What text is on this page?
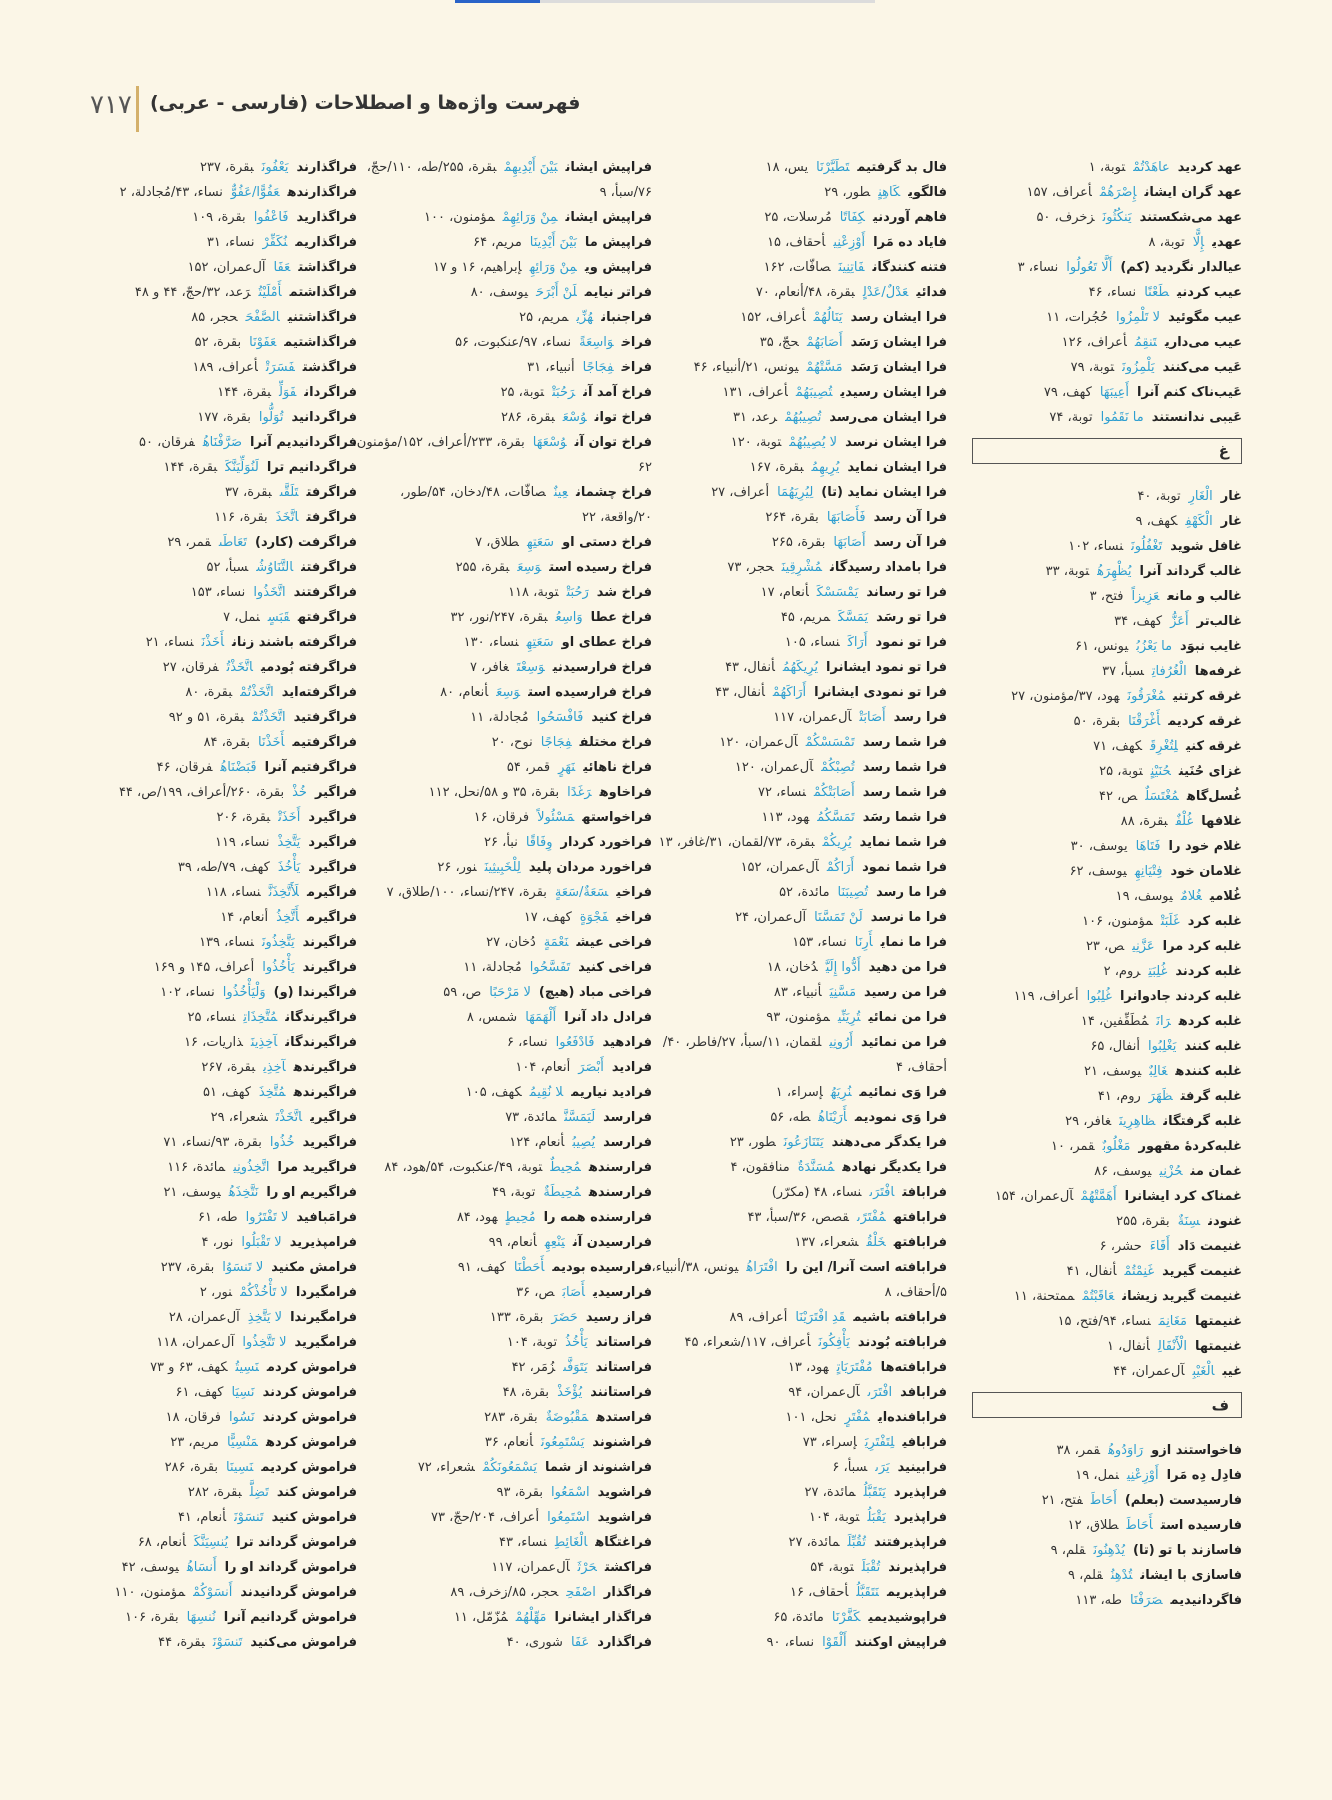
۷۱۷ فهرست واژه‌ها و اصطلاحات (فارسی - عربی)
عهد کردیدعاهَدْتُمْتوبة، ۱
عهد گران ایشانإِصْرَهُمْأعراف، ۱۵۷
عهد می‌شکستنديَنكُثُونَزخرف، ۵۰
عهدیإِلًّاتوبة، ۸
عیالدار نگردید (کم)أَلَّا تَعُولُوانساء، ۳
عیب کردنیطَعْنًانساء، ۴۶
عیب مگوئیدلا تَلْمِزُواحُجُرات، ۱۱
عیب می‌داریتَنقِمُأعراف، ۱۲۶
عَیب می‌کننديَلْمِزُونَتوبة، ۷۹
عَیب‌ناک کنم آنراأَعِيبَهَاکهف، ۷۹
عَیبی ندانستندما نَقَمُواتوبة، ۷۴
غ
غارالْغَارِتوبة، ۴۰
غارالْكَهْفِکهف، ۹
غافل شویدتَغْفُلُونَنساء، ۱۰۲
غالب گرداند آنرايُظْهِرَهُتوبة، ۳۳
غالب و مانععَزِيزاًفتح، ۳
غالب‌ترأَعَزُّکهف، ۳۴
غایب نبوَدما يَعْزُبُیونس، ۶۱
غرفه‌هاالْغُرُفاتِسبأ، ۳۷
غرقه کرتنیمُغْرَقُونَهود، ۳۷/مؤمنون، ۲۷
غرقه کردیمأَغْرَقْنَابقرة، ۵۰
غرقه کنیلِتُغْرِقَکهف، ۷۱
غزای حُنَینحُنَيْنٍتوبة، ۲۵
غُسل‌گاهمُغْتَسَلٌص، ۴۲
غلافهاغُلْفٌبقرة، ۸۸
غلام خود رافَتَاهَایوسف، ۳۰
غلامان خودفِتْيَانِهِیوسف، ۶۲
غُلامیغُلامٌیوسف، ۱۹
غلبه کردغَلَبَتْمؤمنون، ۱۰۶
غلبه کرد مراعَزَّنِيص، ۲۳
غلبه کردندغُلِبَتِروم، ۲
غلبه کردند جادوانراغُلِبُواأعراف، ۱۱۹
غلبه کردهرَانَمُطَفِّفين، ۱۴
غلبه کننديَغْلِبُواأنفال، ۶۵
غلبه کنندهغَالِبٌیوسف، ۲۱
غلبه گرفتظَهَرَروم، ۴۱
غلبه گرفتگانظاهِرِينَغافر، ۲۹
غلبه‌کردهٔ مقهورمَغْلُوبٌقمر، ۱۰
غمان منحُزْنِيیوسف، ۸۶
غمناک کرد ایشانراأَهَمَّتْهُمْآل‌عمران، ۱۵۴
غنودنسِنَةٌبقرة، ۲۵۵
غنیمت دَادأَفَاءَحشر، ۶
غنیمت گیریدغَنِمْتُمْأنفال، ۴۱
غنیمت گیرید زیشانعَاقَبْتُمْممتحنة، ۱۱
غنیمتهامَغَانِمَنساء، ۹۴/فتح، ۱۵
غنیمتهاالْأَنْفَالِأنفال، ۱
غیبالْغَيْبِآل‌عمران، ۴۴
ف
فاخواستند ازورَاوَدُوهُقمر، ۳۸
فادِل دِه مَراأَوْزِعْنِينمل، ۱۹
فارسیدست (بعلم)أَحَاطَفتح، ۲۱
فارسیده استأَحَاطَطلاق، ۱۲
فاسازند با تو (تا)يُدْهِنُونَقلم، ۹
فاسازی با ایشانتُدْهِنُقلم، ۹
فاگردانیدیمصَرَفْنَاطه، ۱۱۳
فال بد گرفتیمتَطَيَّرْنَایس، ۱۸
فالگویكَاهِنٍطور، ۲۹
فاهم آوردنیكِفَاتًامُرسلات، ۲۵
فایاد ده مَراأَوْزِعْنِيأحقاف، ۱۵
فتنه کنندگانفَاتِنِينَصافّات، ۱۶۲
فدائیعَدْلٌ/عَدْلٍبقرة، ۴۸/أنعام، ۷۰
فرا ایشان رسديَنَالُهُمْأعراف، ۱۵۲
فرا ایشان رَسَدأَصَابَهُمْحجّ، ۳۵
فرا ایشان رَسَدمَسَّتْهُمْیونس، ۲۱/أنبیاء، ۴۶
فرا ایشان رسیدیتُصِيبَهُمْأعراف، ۱۳۱
فرا ایشان می‌رسدتُصِيبُهُمْرعد، ۳۱
فرا ایشان نرسدلا يُصِيبُهُمْتوبة، ۱۲۰
فرا ایشان نمایديُرِيهِمُبقرة، ۱۶۷
فرا ایشان نماید (تا)لِيُرِيَهُمَاأعراف، ۲۷
فرا آن رسدفَأَصَابَهَابقرة، ۲۶۴
فرا آن رسدأَصَابَهَابقرة، ۲۶۵
فرا بامداد رسیدگانمُشْرِقِينَحجر، ۷۳
فرا تو رسانديَمْسَسْكَأنعام، ۱۷
فرا تو رسَديَمَسَّكَمریم، ۴۵
فرا تو نمودأَرَاكَنساء، ۱۰۵
فرا تو نمود ایشانرايُرِيكَهُمُأنفال، ۴۳
فرا تو نمودی ایشانراأَرَاكَهُمْأنفال، ۴۳
فرا رسدأَصَابَتْآل‌عمران، ۱۱۷
فرا شما رسدتَمْسَسْكُمْآل‌عمران، ۱۲۰
فرا شما رسدتُصِبْكُمْآل‌عمران، ۱۲۰
فرا شما رسدأَصَابَتْكُمْنساء، ۷۲
فرا شما رسَدتَمَسَّكُمُهود، ۱۱۳
فرا شما نمایديُرِيكُمْبقرة، ۷۳/لقمان، ۳۱/غافر، ۱۳
فرا شما نمودأَرَاكُمْآل‌عمران، ۱۵۲
فرا ما رسدتُصِيبَنَامائدة، ۵۲
فرا ما نرسدلَنْ تَمَسَّنَاآل‌عمران، ۲۴
فرا ما نمایأَرِنَانساء، ۱۵۳
فرا من دهیدأَدُّوا إِلَيَّدُخان، ۱۸
فرا من رسیدمَسَّنِيَأنبیاء، ۸۳
فرا من نمائیتُرِيَنِّيمؤمنون، ۹۳
فرا من نمائیدأَرُونِيلقمان، ۱۱/سبأ، ۲۷/فاطر، ۴۰/
أحقاف، ۴
فرا وَی نمائیمنُرِيَهُإسراء، ۱
فرا وَی نمودیمأَرَيْنَاهُطه، ۵۶
فرا یکدگر می‌دهنديَتَنَازَعُونَطور، ۲۳
فرا یکدیگر نهادهمُسَنَّدَةٌمنافقون، ۴
فرابافتافْتَرَىنساء، ۴۸ (مکرّر)
فرابافتهمُفْتَرًىقصص، ۳۶/سبأ، ۴۳
فرابافتهخَلْقُشعراء، ۱۳۷
فرابافته است آنرا/ این راافْتَرَاهُیونس، ۳۸/أنبیاء،
۵/أحقاف، ۸
فرابافته باشیمقَدِ افْتَرَيْنَاأعراف، ۸۹
فرابافته بُودنديَأْفِكُونَأعراف، ۱۱۷/شعراء، ۴۵
فرابافته‌هامُفْتَرَيَاتٍهود، ۱۳
فرابافدافْتَرَىآل‌عمران، ۹۴
فرابافنده‌ایمُفْتَرٍنحل، ۱۰۱
فرابافیلِتَفْتَرِيَإسراء، ۷۳
فرابینیديَرَىسبأ، ۶
فراپذیرديَتَقَبَّلُمائدة، ۲۷
فراپذیرديَقْبَلُتوبة، ۱۰۴
فراپذیرفتندتُقُبِّلَمائدة، ۲۷
فراپذیرندتُقْبَلَتوبة، ۵۴
فراپذیریمنَتَقَبَّلُأحقاف، ۱۶
فراپوشیدیمیكَفَّرْنَامائدة، ۶۵
فراپیش اوکنندأَلْقَوْانساء، ۹۰
فراپیش ایشانبَيْنَ أَيْدِيهِمْبقرة، ۲۵۵/طه، ۱۱۰/حجّ،
۷۶/سبأ، ۹
فراپیش ایشانمِنْ وَرَائِهِمْمؤمنون، ۱۰۰
فراپیش مابَيْنَ أَيْدِينَامریم، ۶۴
فراپیش ویمِنْ وَرَائِهِإبراهیم، ۱۶ و ۱۷
فراتر نیایملَنْ أَبْرَحَیوسف، ۸۰
فراجنبانهُزِّيمریم، ۲۵
فراخوَاسِعَةًنساء، ۹۷/عنکبوت، ۵۶
فراخفِجَاجًاأنبیاء، ۳۱
فراخ آمد آنرَحُبَتْتوبة، ۲۵
فراخ توانوُسْعَبقرة، ۲۸۶
فراخ توان آنوُسْعَهَابقرة، ۲۳۳/أعراف، ۱۵۲/مؤمنون،
۶۲
فراخ چشمانعِينٌصافّات، ۴۸/دخان، ۵۴/طور،
۲۰/واقعة، ۲۲
فراخ دستی اوسَعَتِهِطلاق، ۷
فراخ رسیده استوَسِعَبقرة، ۲۵۵
فراخ شدرَحُبَتْتوبة، ۱۱۸
فراخ عطاوَاسِعُبقرة، ۲۴۷/نور، ۳۲
فراخ عطای اوسَعَتِهِنساء، ۱۳۰
فراخ فرارسیدنیوَسِعْتَغافر، ۷
فراخ فرارسیده استوَسِعَأنعام، ۸۰
فراخ کنیدفَافْسَحُوامُجادلة، ۱۱
فراخ مختلففِجَاجًانوح، ۲۰
فراخ ناهائینَهَرٍقمر، ۵۴
فراخاوهرَغَدًابقرة، ۳۵ و ۵۸/نحل، ۱۱۲
فراخواستهمَسْئُولاًفرقان، ۱۶
فراخورد کرداروِفَاقًانبأ، ۲۶
فراخورد مردان پلیدلِلْخَبِيثِينَنور، ۲۶
فراخیسَعَةٌ/سَعَةٍبقرة، ۲۴۷/نساء، ۱۰۰/طلاق، ۷
فراخیفَجْوَةٍکهف، ۱۷
فراخی عیشنَعْمَةٍدُخان، ۲۷
فراخی کنیدتَفَسَّحُوامُجادلة، ۱۱
فراخی مباد (هیچ)لا مَرْحَبًاص، ۵۹
فرادل داد آنراأَلْهَمَهَاشمس، ۸
فرادهیدفَادْفَعُوانساء، ۶
فرادیدأَبْصَرَأنعام، ۱۰۴
فرادید نیاریملا نُقِيمُکهف، ۱۰۵
فرارسدلَيَمَسَّنَّمائدة، ۷۳
فرارسديُصِيبُأنعام، ۱۲۴
فرارسندهمُحِيطٌتوبة، ۴۹/عنکبوت، ۵۴/هود، ۸۴
فرارسندهمُحِيطَةٌتوبة، ۴۹
فرارسنده همه رامُحِيطٍهود، ۸۴
فرارسیدن آنيَنْعِهِأنعام، ۹۹
فرارسیده بودیمأَحَطْنَاکهف، ۹۱
فرارسیدیأَصَابَص، ۳۶
فراز رسیدحَضَرَبقرة، ۱۳۳
فراستانديَأْخُذُتوبة، ۱۰۴
فراستانديَتَوَفَّىزُمَر، ۴۲
فراستاننديُؤْخَذْبقرة، ۴۸
فراستدهمَقْبُوضَةٌبقرة، ۲۸۳
فراشنونديَسْتَمِعُونَأنعام، ۳۶
فراشنوند از شمايَسْمَعُونَكُمْشعراء، ۷۲
فراشویداسْمَعُوابقرة، ۹۳
فراشویداسْتَمِعُواأعراف، ۲۰۴/حجّ، ۷۳
فراغتگاهالْغَائِطِنساء، ۴۳
فراکشتحَرْثَآل‌عمران، ۱۱۷
فراگذاراصْفَحِحجر، ۸۵/زخرف، ۸۹
فراگذار ایشانرامَهِّلْهُمْمُزّمّل، ۱۱
فراگذاردعَفَاشوری، ۴۰
فراگذارنديَعْفُونَبقرة، ۲۳۷
فراگذارندهعَفُوًّا/عَفُوٌّنساء، ۴۳/مُجادلة، ۲
فراگذاریدفَاعْفُوابقرة، ۱۰۹
فراگذاریمنُكَفِّرْنساء، ۳۱
فراگذاشتعَفَاآل‌عمران، ۱۵۲
فراگذاشتمأَمْلَيْتُرَعد، ۳۲/حجّ، ۴۴ و ۴۸
فراگذاشتنیالصَّفْحَحجر، ۸۵
فراگذاشتیمعَفَوْنَابقرة، ۵۲
فراگذشتفَسَرَتْأعراف، ۱۸۹
فراگردانفَوَلِّبقرة، ۱۴۴
فراگردانیدتُوَلُّوابقرة، ۱۷۷
فراگردانیدیم آنراصَرَّفْنَاهُفرقان، ۵۰
فراگردانیم ترالَنُوَلِّيَنَّكَبقرة، ۱۴۴
فراگرفتتَلَقَّىبقرة، ۳۷
فراگرفتاتَّخَذَبقرة، ۱۱۶
فراگرفت (کارد)تَعَاطَىقمر، ۲۹
فراگرفتنالتَّنَاوُشُسبأ، ۵۲
فراگرفتنداتَّخَذُوانساء، ۱۵۳
فراگرفتهقَبَسٍنمل، ۷
فراگرفته باشند زنانأَخَذْنَنساء، ۲۱
فراگرفته بُودمیاتَّخَذْتُفرقان، ۲۷
فراگرفته‌ایداتَّخَذْتُمْبقرة، ۸۰
فراگرفتیداتَّخَذْتُمْبقرة، ۵۱ و ۹۲
فراگرفتیمأَخَذْنَابقرة، ۸۴
فراگرفتیم آنراقَبَضْنَاهُفرقان، ۴۶
فراگیرخُذْبقرة، ۲۶۰/أعراف، ۱۹۹/ص، ۴۴
فراگیردأَخَذَتْبقرة، ۲۰۶
فراگیرديَتَّخِذْنساء، ۱۱۹
فراگیرديَأْخُذَکهف، ۷۹/طه، ۳۹
فراگیرملَأَتَّخِذَنَّنساء، ۱۱۸
فراگیرمأَتَّخِذُأنعام، ۱۴
فراگیرنديَتَّخِذُونَنساء، ۱۳۹
فراگیرنديَأْخُذُواأعراف، ۱۴۵ و ۱۶۹
فراگیرندا (و)وَلْيَأْخُذُوانساء، ۱۰۲
فراگیرندگانمُتَّخِذَاتِنساء، ۲۵
فراگیرندگانآخِذِينَذاریات، ۱۶
فراگیرندهآخِذِيبقرة، ۲۶۷
فراگیرندهمُتَّخِذَکهف، ۵۱
فراگیریاتَّخَذْتَشعراء، ۲۹
فراگیریدخُذُوابقرة، ۹۳/نساء، ۷۱
فراگیرید مرااتَّخِذُونِيمائدة، ۱۱۶
فراگیریم او رانَتَّخِذَهُیوسف، ۲۱
فرامَبافیدلا تَفْتَرُواطه، ۶۱
فرامپذیریدلا تَقْبَلُوانور، ۴
فرامش مکنیدلا تَنسَوُابقرة، ۲۳۷
فرامگیردالا تَأْخُذْكُمْنور، ۲
فرامگیرندالا يَتَّخِذِآل‌عمران، ۲۸
فرامگیریدلا تَتَّخِذُواآل‌عمران، ۱۱۸
فراموش کردمنَسِيتُکهف، ۶۳ و ۷۳
فراموش کردندنَسِيَاکهف، ۶۱
فراموش کردندنَسُوافرقان، ۱۸
فراموش کردهمَنْسِيًّامریم، ۲۳
فراموش کردیمنَسِينَابقرة، ۲۸۶
فراموش کندتَضِلَّبقرة، ۲۸۲
فراموش کنیدتَنسَوْنَأنعام، ۴۱
فراموش گرداند ترايُنسِيَنَّكَأنعام، ۶۸
فراموش گرداند او راأَنسَاهُیوسف، ۴۲
فراموش گردانیدندأَنسَوْكُمْمؤمنون، ۱۱۰
فراموش گردانیم آنرانُنسِهَابقرة، ۱۰۶
فراموش می‌کنیدتَنسَوْنَبقرة، ۴۴
